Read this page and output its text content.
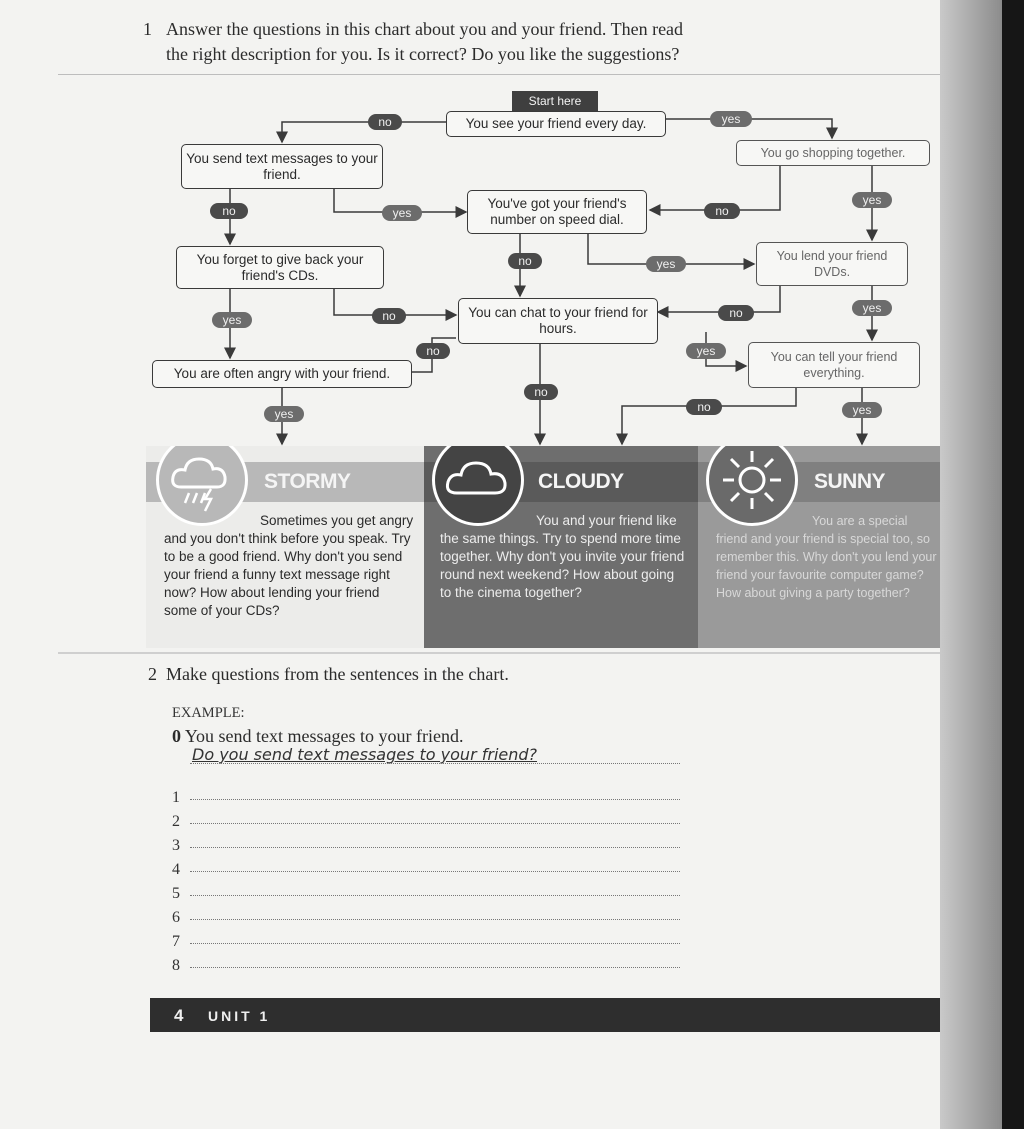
1 Answer the questions in this chart about you and your friend. Then read
the right description for you. Is it correct? Do you like the suggestions?
Start here
You see your friend every day.
You send text messages to your friend.
You go shopping together.
You've got your friend's number on speed dial.
You forget to give back your friend's CDs.
You lend your friend DVDs.
You can chat to your friend for hours.
You are often angry with your friend.
You can tell your friend everything.
no	yes
no	yes	no
yes
no	yes
yes	no	no	yes
no	yes
no
no	yes
yes
STORMY
Sometimes you get angry and you don't think before you speak. Try to be a good friend. Why don't you send your friend a funny text message right now? How about lending your friend some of your CDs?
CLOUDY
You and your friend like the same things. Try to spend more time together. Why don't you invite your friend round next weekend? How about going to the cinema together?
SUNNY
You are a special friend and your friend is special too, so remember this. Why don't you lend your friend your favourite computer game? How about giving a party together?
2 Make questions from the sentences in the chart.
EXAMPLE:
0 You send text messages to your friend.
Do you send text messages to your friend?
1
2
3
4
5
6
7
8
4 UNIT 1
